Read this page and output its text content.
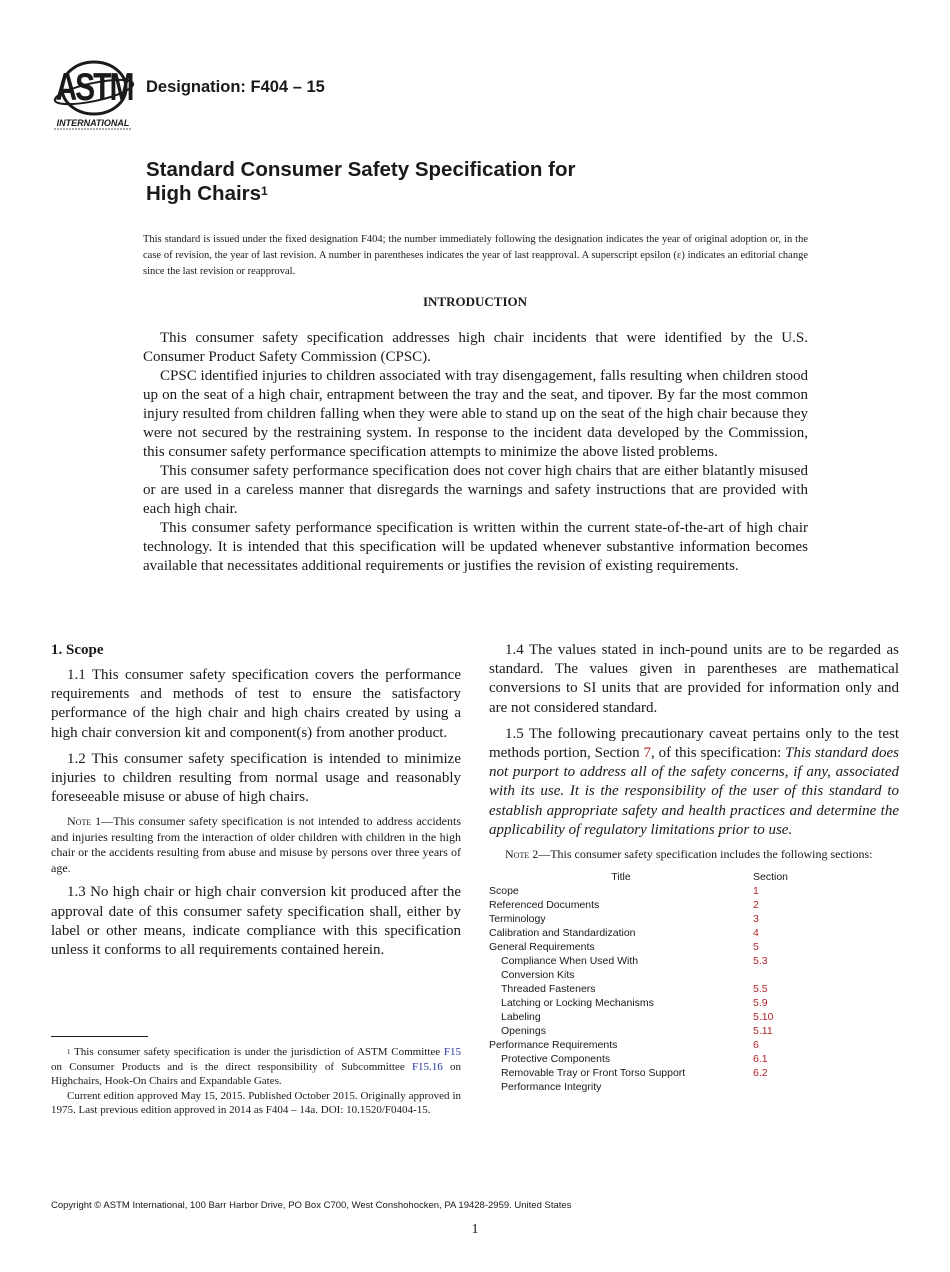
ASTM
INTERNATIONAL
Designation: F404 – 15
Standard Consumer Safety Specification for
High Chairs$^1$
This standard is issued under the fixed designation F404; the number immediately following the designation indicates the year of original adoption or, in the case of revision, the year of last revision. A number in parentheses indicates the year of last reapproval. A superscript epsilon (ε) indicates an editorial change since the last revision or reapproval.
INTRODUCTION

This consumer safety specification addresses high chair incidents that were identified by the U.S. Consumer Product Safety Commission (CPSC).

CPSC identified injuries to children associated with tray disengagement, falls resulting when children stood up on the seat of a high chair, entrapment between the tray and the seat, and tipover. By far the most common injury resulted from children falling when they were able to stand up on the seat of the high chair because they were not secured by the restraining system. In response to the incident data developed by the Commission, this consumer safety performance specification attempts to minimize the above listed problems.

This consumer safety performance specification does not cover high chairs that are either blatantly misused or are used in a careless manner that disregards the warnings and safety instructions that are provided with each high chair.

This consumer safety performance specification is written within the current state-of-the-art of high chair technology. It is intended that this specification will be updated whenever substantive information becomes available that necessitates additional requirements or justifies the revision of existing requirements.

1. Scope

1.1 This consumer safety specification covers the performance requirements and methods of test to ensure the satisfactory performance of the high chair and high chairs created by using a high chair conversion kit and component(s) from another product.

1.2 This consumer safety specification is intended to minimize injuries to children resulting from normal usage and reasonably foreseeable misuse or abuse of high chairs.

Note 1—This consumer safety specification is not intended to address accidents and injuries resulting from the interaction of older children with children in the high chair or the accidents resulting from abuse and misuse by persons over three years of age.

1.3 No high chair or high chair conversion kit produced after the approval date of this consumer safety specification shall, either by label or other means, indicate compliance with this specification unless it conforms to all requirements contained herein.

$^1$ This consumer safety specification is under the jurisdiction of ASTM Committee F15 on Consumer Products and is the direct responsibility of Subcommittee F15.16 on Highchairs, Hook-On Chairs and Expandable Gates.

Current edition approved May 15, 2015. Published October 2015. Originally approved in 1975. Last previous edition approved in 2014 as F404 – 14a. DOI: 10.1520/F0404-15.

1.4 The values stated in inch-pound units are to be regarded as standard. The values given in parentheses are mathematical conversions to SI units that are provided for information only and are not considered standard.

1.5 The following precautionary caveat pertains only to the test methods portion, Section 7, of this specification: This standard does not purport to address all of the safety concerns, if any, associated with its use. It is the responsibility of the user of this standard to establish appropriate safety and health practices and determine the applicability of regulatory limitations prior to use.

Note 2—This consumer safety specification includes the following sections:

Title	Section
Scope	1
Referenced Documents	2
Terminology	3
Calibration and Standardization	4
General Requirements	5
Compliance When Used With	5.3
Conversion Kits
Threaded Fasteners	5.5
Latching or Locking Mechanisms	5.9
Labeling	5.10
Openings	5.11
Performance Requirements	6
Protective Components	6.1
Removable Tray or Front Torso Support	6.2
Performance Integrity
Copyright © ASTM International, 100 Barr Harbor Drive, PO Box C700, West Conshohocken, PA 19428-2959. United States
1
